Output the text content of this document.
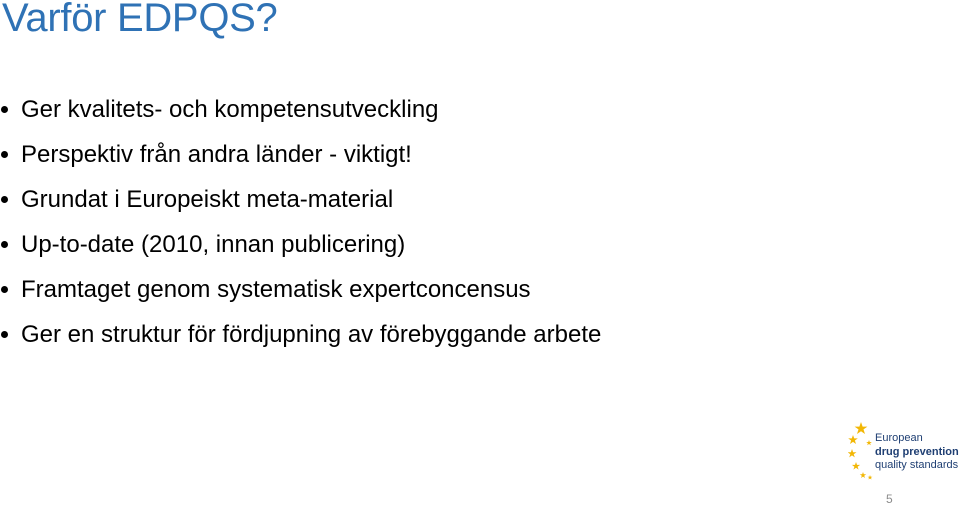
Varför EDPQS?
Ger kvalitets- och kompetensutveckling
Perspektiv från andra länder - viktigt!
Grundat i Europeiskt meta-material
Up-to-date (2010, innan publicering)
Framtaget genom systematisk expertconcensus
Ger en struktur för fördjupning av förebyggande arbete
European
drug prevention
quality standards
5
